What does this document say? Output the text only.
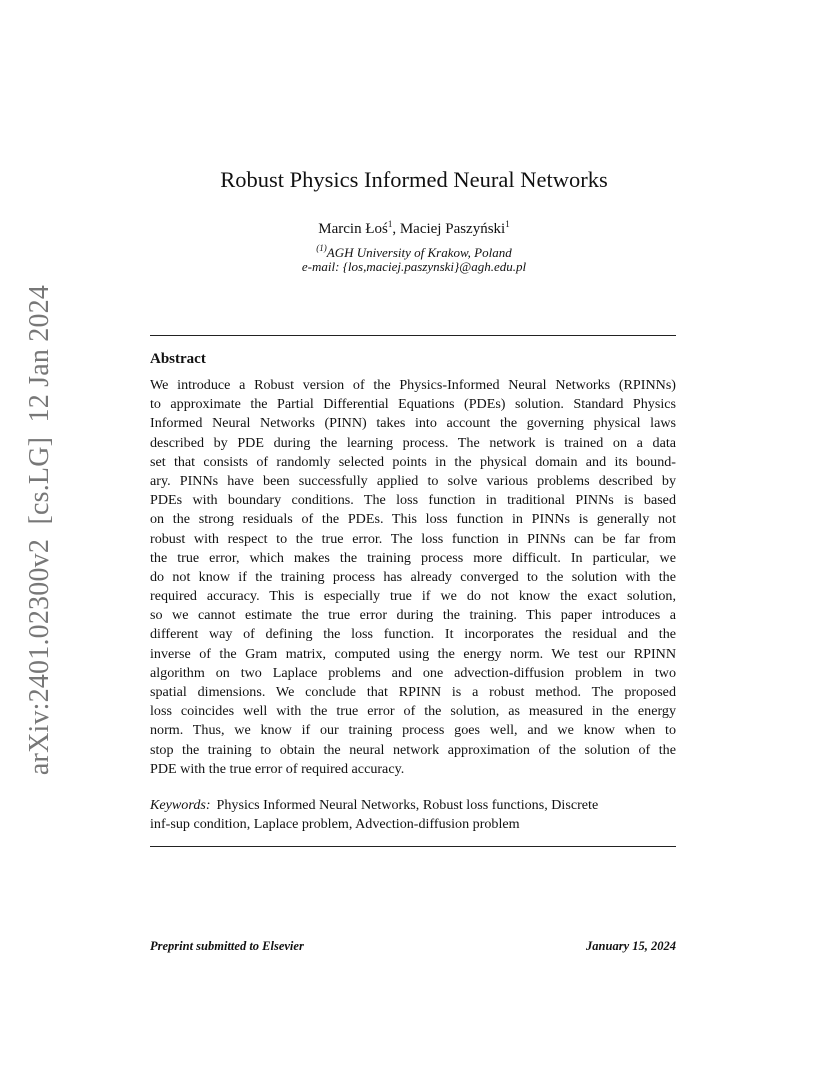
arXiv:2401.02300v2  [cs.LG]  12 Jan 2024
Robust Physics Informed Neural Networks
Marcin Łoś$^1$, Maciej Paszyński$^1$
$^{(1)}$AGH University of Krakow, Poland
e-mail: {los,maciej.paszynski}@agh.edu.pl
Abstract
We introduce a Robust version of the Physics-Informed Neural Networks (RPINNs)
to approximate the Partial Differential Equations (PDEs) solution. Standard Physics
Informed Neural Networks (PINN) takes into account the governing physical laws
described by PDE during the learning process. The network is trained on a data
set that consists of randomly selected points in the physical domain and its bound-
ary. PINNs have been successfully applied to solve various problems described by
PDEs with boundary conditions. The loss function in traditional PINNs is based
on the strong residuals of the PDEs. This loss function in PINNs is generally not
robust with respect to the true error. The loss function in PINNs can be far from
the true error, which makes the training process more difficult. In particular, we
do not know if the training process has already converged to the solution with the
required accuracy. This is especially true if we do not know the exact solution,
so we cannot estimate the true error during the training. This paper introduces a
different way of defining the loss function. It incorporates the residual and the
inverse of the Gram matrix, computed using the energy norm. We test our RPINN
algorithm on two Laplace problems and one advection-diffusion problem in two
spatial dimensions. We conclude that RPINN is a robust method. The proposed
loss coincides well with the true error of the solution, as measured in the energy
norm. Thus, we know if our training process goes well, and we know when to
stop the training to obtain the neural network approximation of the solution of the
PDE with the true error of required accuracy.
Keywords: Physics Informed Neural Networks, Robust loss functions, Discrete
inf-sup condition, Laplace problem, Advection-diffusion problem
Preprint submitted to Elsevier	January 15, 2024
